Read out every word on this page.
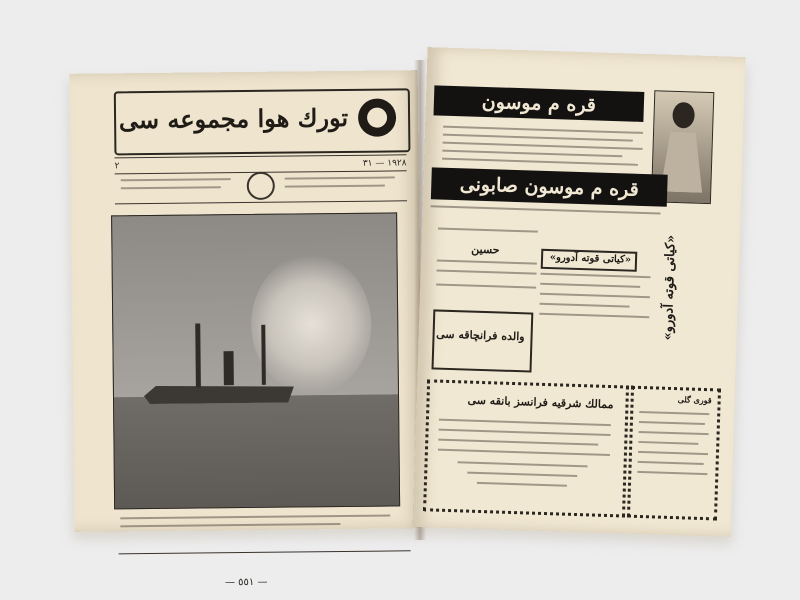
تورك هوا مجموعه سی
۱۹۲۸ — ۳۱
۲
— ٥٥١ —
قره م موسون
قره م موسون صابونی
حسین
«كياتی قوته آدورو»
«كياتی قوته آدورو»
والده فرانچاقه سی
ممالك شرقيه فرانسز بانقه سی	قوری گلی
